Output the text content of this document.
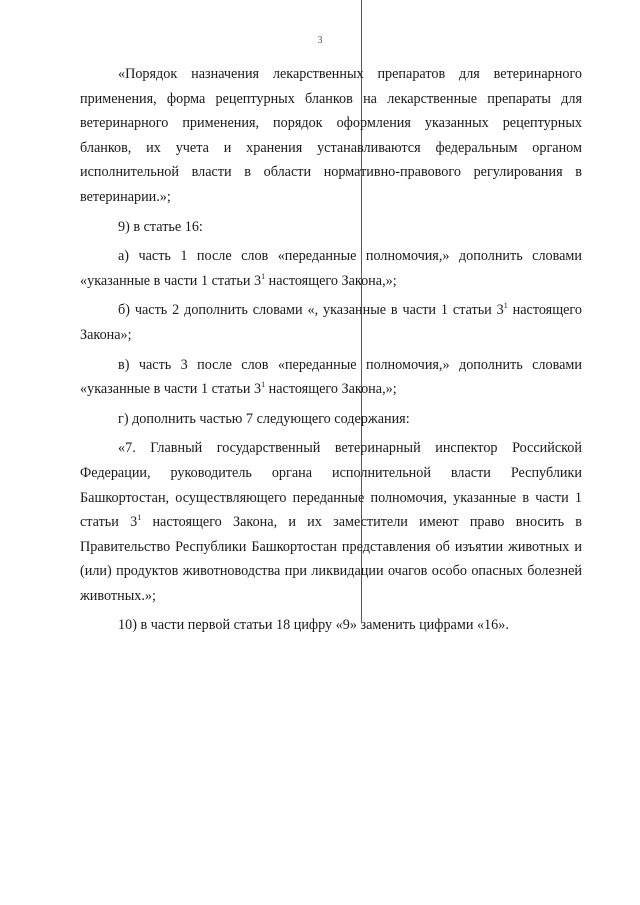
3

«Порядок назначения лекарственных препаратов для ветеринарного применения, форма рецептурных бланков на лекарственные препараты для ветеринарного применения, порядок оформления указанных рецептурных бланков, их учета и хранения устанавливаются федеральным органом исполнительной власти в области нормативно-правового регулирования в ветеринарии.»;

9) в статье 16:

а) часть 1 после слов «переданные полномочия,» дополнить словами «указанные в части 1 статьи $3^1$ настоящего Закона,»;

б) часть 2 дополнить словами «, указанные в части 1 статьи $3^1$ настоящего Закона»;

в) часть 3 после слов «переданные полномочия,» дополнить словами «указанные в части 1 статьи $3^1$ настоящего Закона,»;

г) дополнить частью 7 следующего содержания:

«7. Главный государственный ветеринарный инспектор Российской Федерации, руководитель органа исполнительной власти Республики Башкортостан, осуществляющего переданные полномочия, указанные в части 1 статьи $3^1$ настоящего Закона, и их заместители имеют право вносить в Правительство Республики Башкортостан представления об изъятии животных и (или) продуктов животноводства при ликвидации очагов особо опасных болезней животных.»;

10) в части первой статьи 18 цифру «9» заменить цифрами «16».
